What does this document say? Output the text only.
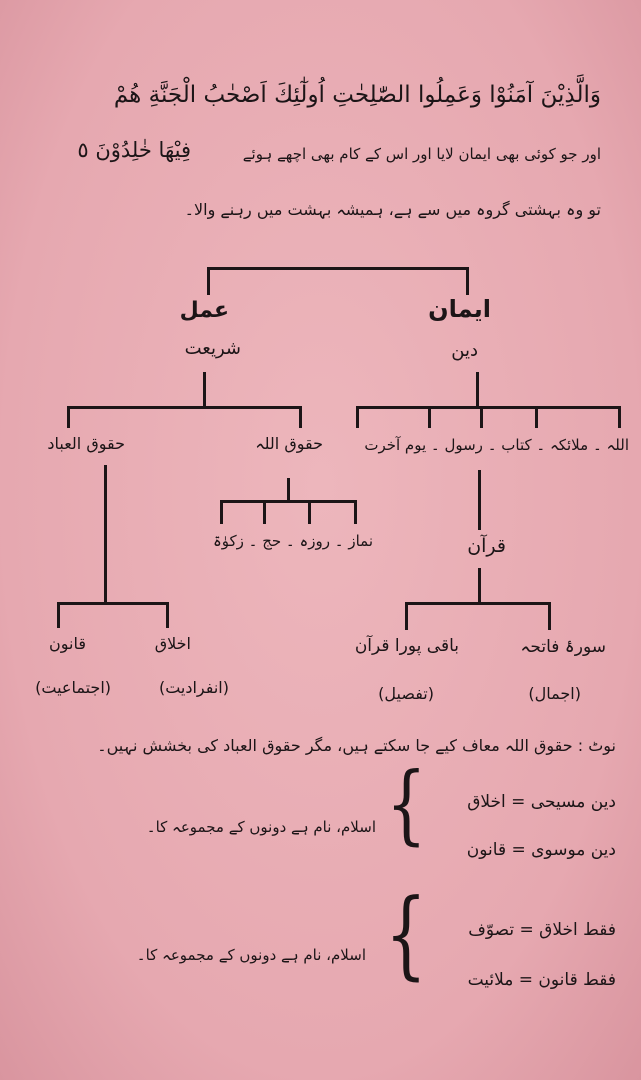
وَالَّذِيْنَ آمَنُوْا وَعَمِلُوا الصّٰلِحٰتِ اُولٰٓئِكَ اَصْحٰبُ الْجَنَّةِ هُمْ
فِيْهَا خٰلِدُوْنَ ٥	اور جو کوئی بھی ایمان لایا اور اس کے کام بھی اچھے ہوئے
تو وہ بہشتی گروہ میں سے ہے، ہمیشہ بہشت میں رہنے والا۔
ایمان
دین
عمل
شریعت
اللہ ۔ ملائکہ ۔ کتاب ۔ رسول ۔ یوم آخرت
قرآن
سورۂ فاتحہ
(اجمال)
باقی پورا قرآن
(تفصیل)
حقوق العباد	حقوق اللہ
نماز ۔ روزہ ۔ حج ۔ زکوٰۃ
قانون
(اجتماعیت)
اخلاق
(انفرادیت)
نوٹ : حقوق اللہ معاف کیے جا سکتے ہیں، مگر حقوق العباد کی بخشش نہیں۔
دین مسیحی = اخلاق
دین موسوی = قانون
{
اسلام، نام ہے دونوں کے مجموعہ کا۔
فقط اخلاق = تصوّف
فقط قانون = ملائیت
{
اسلام، نام ہے دونوں کے مجموعہ کا۔
